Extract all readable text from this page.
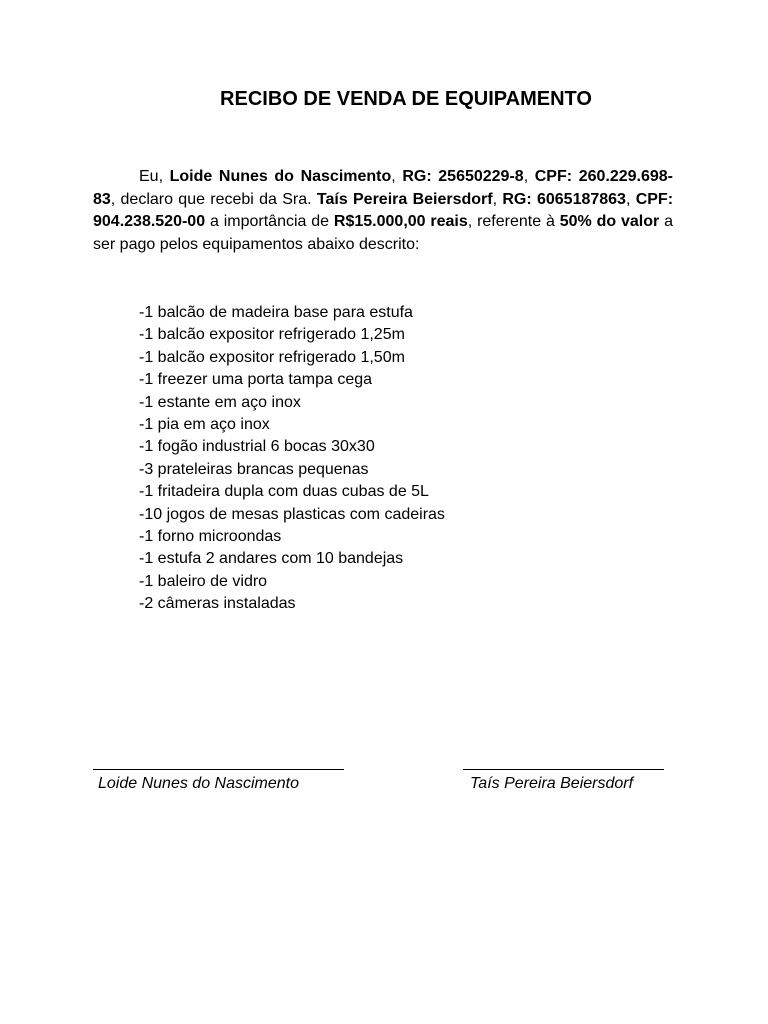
RECIBO DE VENDA DE EQUIPAMENTO

Eu, Loide Nunes do Nascimento, RG: 25650229-8, CPF: 260.229.698-83, declaro que recebi da Sra. Taís Pereira Beiersdorf, RG: 6065187863, CPF: 904.238.520-00 a importância de R$15.000,00 reais, referente à 50% do valor a ser pago pelos equipamentos abaixo descrito:

-1 balcão de madeira base para estufa
-1 balcão expositor refrigerado 1,25m
-1 balcão expositor refrigerado 1,50m
-1 freezer uma porta tampa cega
-1 estante em aço inox
-1 pia em aço inox
-1 fogão industrial 6 bocas 30x30
-3 prateleiras brancas pequenas
-1 fritadeira dupla com duas cubas de 5L
-10 jogos de mesas plasticas com cadeiras
-1 forno microondas
-1 estufa 2 andares com 10 bandejas
-1 baleiro de vidro
-2 câmeras instaladas
Loide Nunes do Nascimento	Taís Pereira Beiersdorf
